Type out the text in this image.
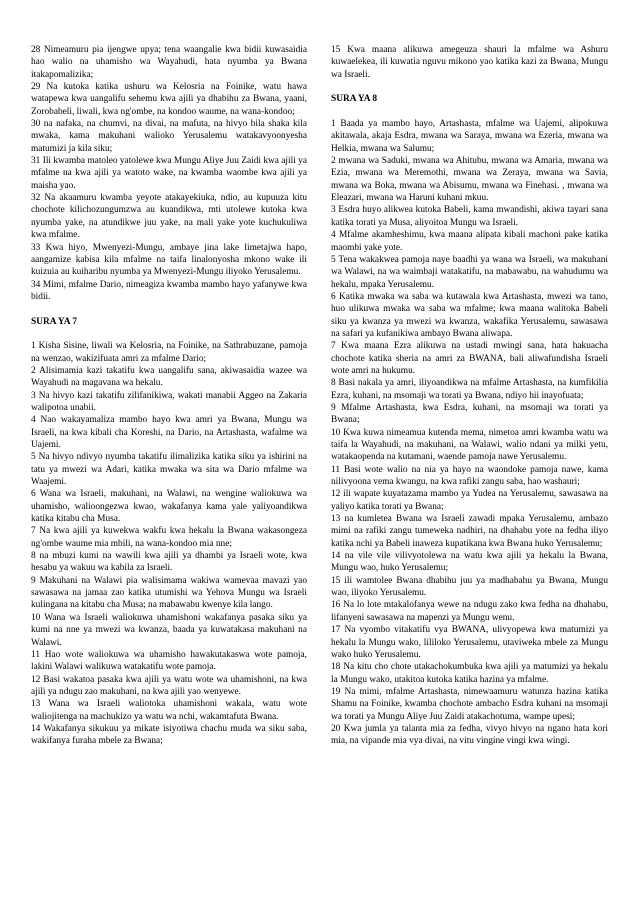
28 Nimeamuru pia ijengwe upya; tena waangalie kwa bidii kuwasaidia hao walio na uhamisho wa Wayahudi, hata nyumba ya Bwana itakapomalizika;

29 Na kutoka katika ushuru wa Kelosria na Foinike, watu hawa watapewa kwa uangalifu sehemu kwa ajili ya dhabihu za Bwana, yaani, Zorobabeli, liwali, kwa ng'ombe, na kondoo waume, na wana-kondoo;

30 na nafaka, na chumvi, na divai, na mafuta, na hivyo bila shaka kila mwaka, kama makuhani walioko Yerusalemu watakavyoonyesha matumizi ja kila siku;

31 Ili kwamba matoleo yatolewe kwa Mungu Aliye Juu Zaidi kwa ajili ya mfalme na kwa ajili ya watoto wake, na kwamba waombe kwa ajili ya maisha yao.

32 Na akaamuru kwamba yeyote atakayekiuka, ndio, au kupuuza kitu chochote kilichozungumzwa au kuandikwa, mti utolewe kutoka kwa nyumba yake, na atundikwe juu yake, na mali yake yote kuchukuliwa kwa mfalme.

33 Kwa hiyo, Mwenyezi-Mungu, ambaye jina lake limetajwa hapo, aangamize kabisa kila mfalme na taifa linalonyosha mkono wake ili kuizuia au kuiharibu nyumba ya Mwenyezi-Mungu iliyoko Yerusalemu.

34 Mimi, mfalme Dario, nimeagiza kwamba mambo hayo yafanywe kwa bidii.

SURA YA 7

1 Kisha Sisine, liwali wa Kelosria, na Foinike, na Sathrabuzane, pamoja na wenzao, wakizifuata amri za mfalme Dario;

2 Alisimamia kazi takatifu kwa uangalifu sana, akiwasaidia wazee wa Wayahudi na magavana wa hekalu.

3 Na hivyo kazi takatifu zilifanikiwa, wakati manabii Aggeo na Zakaria walipotoa unabii.

4 Nao wakayamaliza mambo hayo kwa amri ya Bwana, Mungu wa Israeli, na kwa kibali cha Koreshi, na Dario, na Artashasta, wafalme wa Uajemi.

5 Na hivyo ndivyo nyumba takatifu ilimalizika katika siku ya ishirini na tatu ya mwezi wa Adari, katika mwaka wa sita wa Dario mfalme wa Waajemi.

6 Wana wa Israeli, makuhani, na Walawi, na wengine waliokuwa wa uhamisho, walioongezwa kwao, wakafanya kama yale yaliyoandikwa katika kitabu cha Musa.

7 Na kwa ajili ya kuwekwa wakfu kwa hekalu la Bwana wakasongeza ng'ombe waume mia mbili, na wana-kondoo mia nne;

8 na mbuzi kumi na wawili kwa ajili ya dhambi ya Israeli wote, kwa hesabu ya wakuu wa kabila za Israeli.

9 Makuhani na Walawi pia walisimama wakiwa wamevaa mavazi yao sawasawa na jamaa zao katika utumishi wa Yehova Mungu wa Israeli kulingana na kitabu cha Musa; na mabawabu kwenye kila lango.

10 Wana wa Israeli waliokuwa uhamishoni wakafanya pasaka siku ya kumi na nne ya mwezi wa kwanza, baada ya kuwatakasa makuhani na Walawi.

11 Hao wote waliokuwa wa uhamisho hawakutakaswa wote pamoja, lakini Walawi walikuwa watakatifu wote pamoja.

12 Basi wakatoa pasaka kwa ajili ya watu wote wa uhamishoni, na kwa ajili ya ndugu zao makuhani, na kwa ajili yao wenyewe.

13 Wana wa Israeli waliotoka uhamishoni wakala, watu wote waliojitenga na machukizo ya watu wa nchi, wakamtafuta Bwana.

14 Wakafanya sikukuu ya mikate isiyotiwa chachu muda wa siku saba, wakifanya furaha mbele za Bwana;

15 Kwa maana alikuwa amegeuza shauri la mfalme wa Ashuru kuwaelekea, ili kuwatia nguvu mikono yao katika kazi za Bwana, Mungu wa Israeli.

SURA YA 8

1 Baada ya mambo hayo, Artashasta, mfalme wa Uajemi, alipokuwa akitawala, akaja Esdra, mwana wa Saraya, mwana wa Ezeria, mwana wa Helkia, mwana wa Salumu;

2 mwana wa Saduki, mwana wa Ahitubu, mwana wa Amaria, mwana wa Ezia, mwana wa Meremothi, mwana wa Zeraya, mwana wa Savia, mwana wa Boka, mwana wa Abisumu, mwana wa Finehasi. , mwana wa Eleazari, mwana wa Haruni kuhani mkuu.

3 Esdra huyo alikwea kutoka Babeli, kama mwandishi, akiwa tayari sana katika torati ya Musa, aliyoitoa Mungu wa Israeli.

4 Mfalme akamheshimu, kwa maana alipata kibali machoni pake katika maombi yake yote.

5 Tena wakakwea pamoja naye baadhi ya wana wa Israeli, wa makuhani wa Walawi, na wa waimbaji watakatifu, na mabawabu, na wahudumu wa hekalu, mpaka Yerusalemu.

6 Katika mwaka wa saba wa kutawala kwa Artashasta, mwezi wa tano, huo ulikuwa mwaka wa saba wa mfalme; kwa maana walitoka Babeli siku ya kwanza ya mwezi wa kwanza, wakafika Yerusalemu, sawasawa na safari ya kufanikiwa ambayo Bwana aliwapa.

7 Kwa maana Ezra alikuwa na ustadi mwingi sana, hata hakuacha chochote katika sheria na amri za BWANA, bali aliwafundisha Israeli wote amri na hukumu.

8 Basi nakala ya amri, iliyoandikwa na mfalme Artashasta, na kumfikilia Ezra, kuhani, na msomaji wa torati ya Bwana, ndiyo hii inayofuata;

9 Mfalme Artashasta, kwa Esdra, kuhani, na msomaji wa torati ya Bwana;

10 Kwa kuwa nimeamua kutenda mema, nimetoa amri kwamba watu wa taifa la Wayahudi, na makuhani, na Walawi, walio ndani ya milki yetu, watakaopenda na kutamani, waende pamoja nawe Yerusalemu.

11 Basi wote walio na nia ya hayo na waondoke pamoja nawe, kama nilivyoona vema kwangu, na kwa rafiki zangu saba, hao washauri;

12 ili wapate kuyatazama mambo ya Yudea na Yerusalemu, sawasawa na yaliyo katika torati ya Bwana;

13 na kumletea Bwana wa Israeli zawadi mpaka Yerusalemu, ambazo mimi na rafiki zangu tumeweka nadhiri, na dhahabu yote na fedha iliyo katika nchi ya Babeli inaweza kupatikana kwa Bwana huko Yerusalemu;

14 na vile vile vilivyotolewa na watu kwa ajili ya hekalu la Bwana, Mungu wao, huko Yerusalemu;

15 ili wamtolee Bwana dhabihu juu ya madhabahu ya Bwana, Mungu wao, iliyoko Yerusalemu.

16 Na lo lote mtakalofanya wewe na ndugu zako kwa fedha na dhahabu, lifanyeni sawasawa na mapenzi ya Mungu wenu.

17 Na vyombo vitakatifu vya BWANA, ulivyopewa kwa matumizi ya hekalu la Mungu wako, lililoko Yerusalemu, utaviweka mbele za Mungu wako huko Yerusalemu.

18 Na kitu cho chote utakachokumbuka kwa ajili ya matumizi ya hekalu la Mungu wako, utakitoa kutoka katika hazina ya mfalme.

19 Na mimi, mfalme Artashasta, nimewaamuru watunza hazina katika Shamu na Foinike, kwamba chochote ambacho Esdra kuhani na msomaji wa torati ya Mungu Aliye Juu Zaidi atakachotuma, wampe upesi;

20 Kwa jumla ya talanta mia za fedha, vivyo hivyo na ngano hata kori mia, na vipande mia vya divai, na vitu vingine vingi kwa wingi.
